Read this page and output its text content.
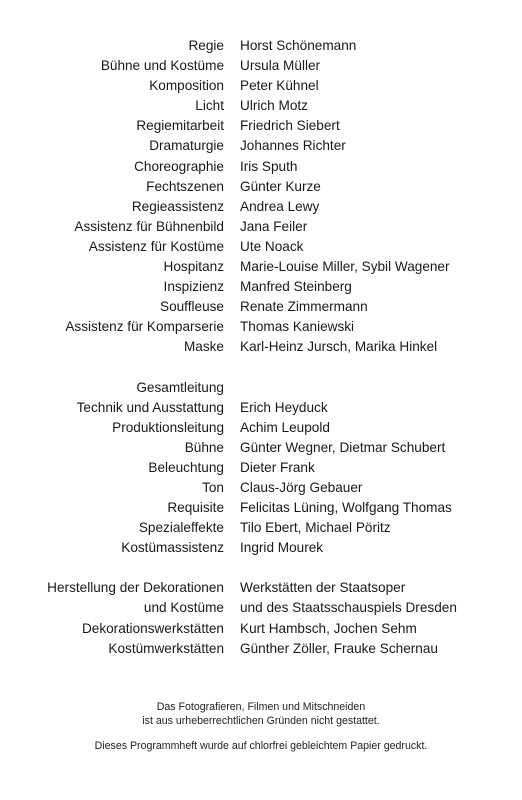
Regie	Horst Schönemann
Bühne und Kostüme	Ursula Müller
Komposition	Peter Kühnel
Licht	Ulrich Motz
Regiemitarbeit	Friedrich Siebert
Dramaturgie	Johannes Richter
Choreographie	Iris Sputh
Fechtszenen	Günter Kurze
Regieassistenz	Andrea Lewy
Assistenz für Bühnenbild	Jana Feiler
Assistenz für Kostüme	Ute Noack
Hospitanz	Marie-Louise Miller, Sybil Wagener
Inspizienz	Manfred Steinberg
Souffleuse	Renate Zimmermann
Assistenz für Komparserie	Thomas Kaniewski
Maske	Karl-Heinz Jursch, Marika Hinkel
Gesamtleitung
Technik und Ausstattung	Erich Heyduck
Produktionsleitung	Achim Leupold
Bühne	Günter Wegner, Dietmar Schubert
Beleuchtung	Dieter Frank
Ton	Claus-Jörg Gebauer
Requisite	Felicitas Lüning, Wolfgang Thomas
Spezialeffekte	Tilo Ebert, Michael Pöritz
Kostümassistenz	Ingrid Mourek
Herstellung der Dekorationen	Werkstätten der Staatsoper
und Kostüme	und des Staatsschauspiels Dresden
Dekorationswerkstätten	Kurt Hambsch, Jochen Sehm
Kostümwerkstätten	Günther Zöller, Frauke Schernau
Das Fotografieren, Filmen und Mitschneiden
ist aus urheberrechtlichen Gründen nicht gestattet.
Dieses Programmheft wurde auf chlorfrei gebleichtem Papier gedruckt.
